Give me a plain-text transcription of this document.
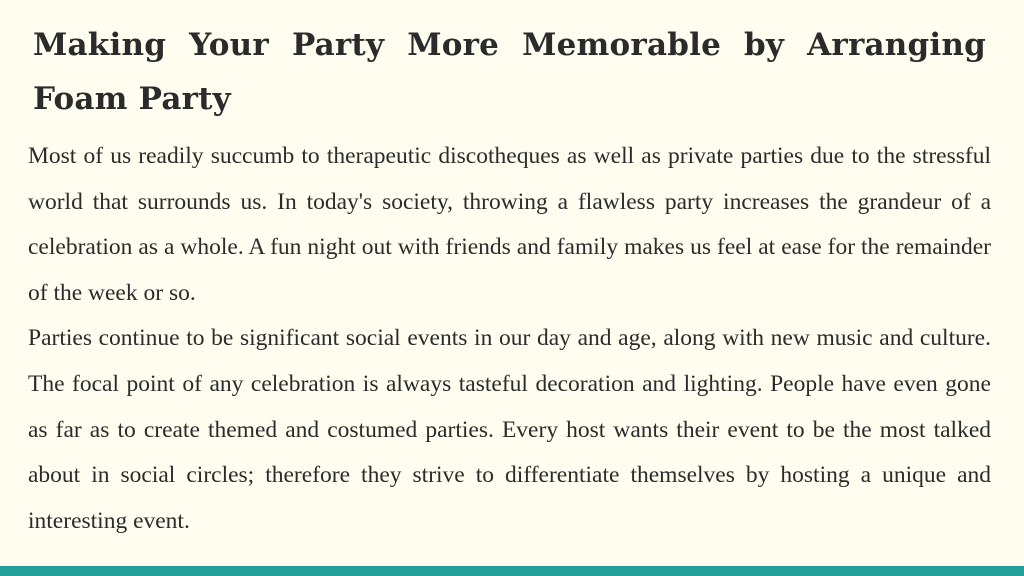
Making Your Party More Memorable by Arranging Foam Party

Most of us readily succumb to therapeutic discotheques as well as private parties due to the stressful world that surrounds us. In today's society, throwing a flawless party increases the grandeur of a celebration as a whole. A fun night out with friends and family makes us feel at ease for the remainder of the week or so.

Parties continue to be significant social events in our day and age, along with new music and culture. The focal point of any celebration is always tasteful decoration and lighting. People have even gone as far as to create themed and costumed parties. Every host wants their event to be the most talked about in social circles; therefore they strive to differentiate themselves by hosting a unique and interesting event.
